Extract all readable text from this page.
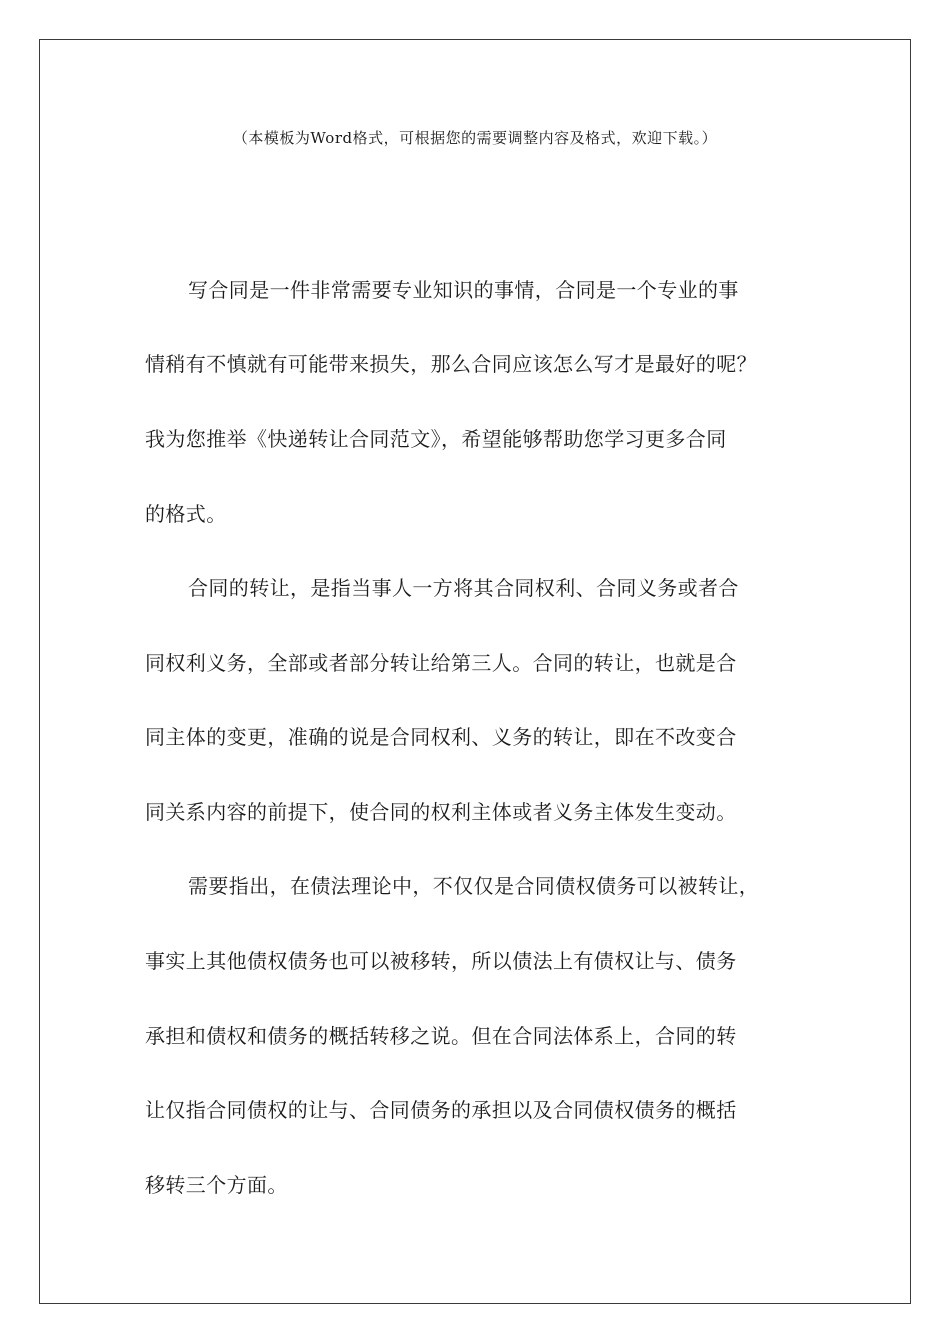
（本模板为Word格式，可根据您的需要调整内容及格式，欢迎下载。）
写合同是一件非常需要专业知识的事情，合同是一个专业的事
情稍有不慎就有可能带来损失，那么合同应该怎么写才是最好的呢？
我为您推举《快递转让合同范文》，希望能够帮助您学习更多合同
的格式。
合同的转让，是指当事人一方将其合同权利、合同义务或者合
同权利义务，全部或者部分转让给第三人。合同的转让，也就是合
同主体的变更，准确的说是合同权利、义务的转让，即在不改变合
同关系内容的前提下，使合同的权利主体或者义务主体发生变动。
需要指出，在债法理论中，不仅仅是合同债权债务可以被转让，
事实上其他债权债务也可以被移转，所以债法上有债权让与、债务
承担和债权和债务的概括转移之说。但在合同法体系上，合同的转
让仅指合同债权的让与、合同债务的承担以及合同债权债务的概括
移转三个方面。
